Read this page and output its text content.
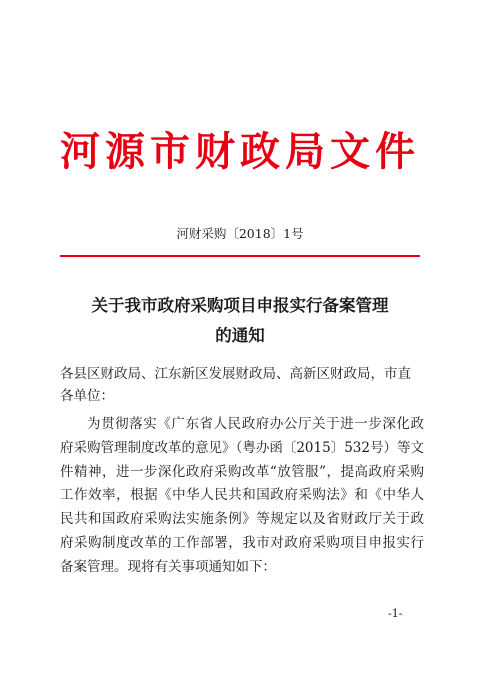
河源市财政局文件
河财采购〔2018〕1号
关于我市政府采购项目申报实行备案管理
的通知
各县区财政局、江东新区发展财政局、高新区财政局，市直各单位：
为贯彻落实《广东省人民政府办公厅关于进一步深化政府采购管理制度改革的意见》（粤办函〔2015〕532号）等文件精神，进一步深化政府采购改革“放管服”，提高政府采购工作效率，根据《中华人民共和国政府采购法》和《中华人民共和国政府采购法实施条例》等规定以及省财政厅关于政府采购制度改革的工作部署，我市对政府采购项目申报实行备案管理。现将有关事项通知如下：
-1-
